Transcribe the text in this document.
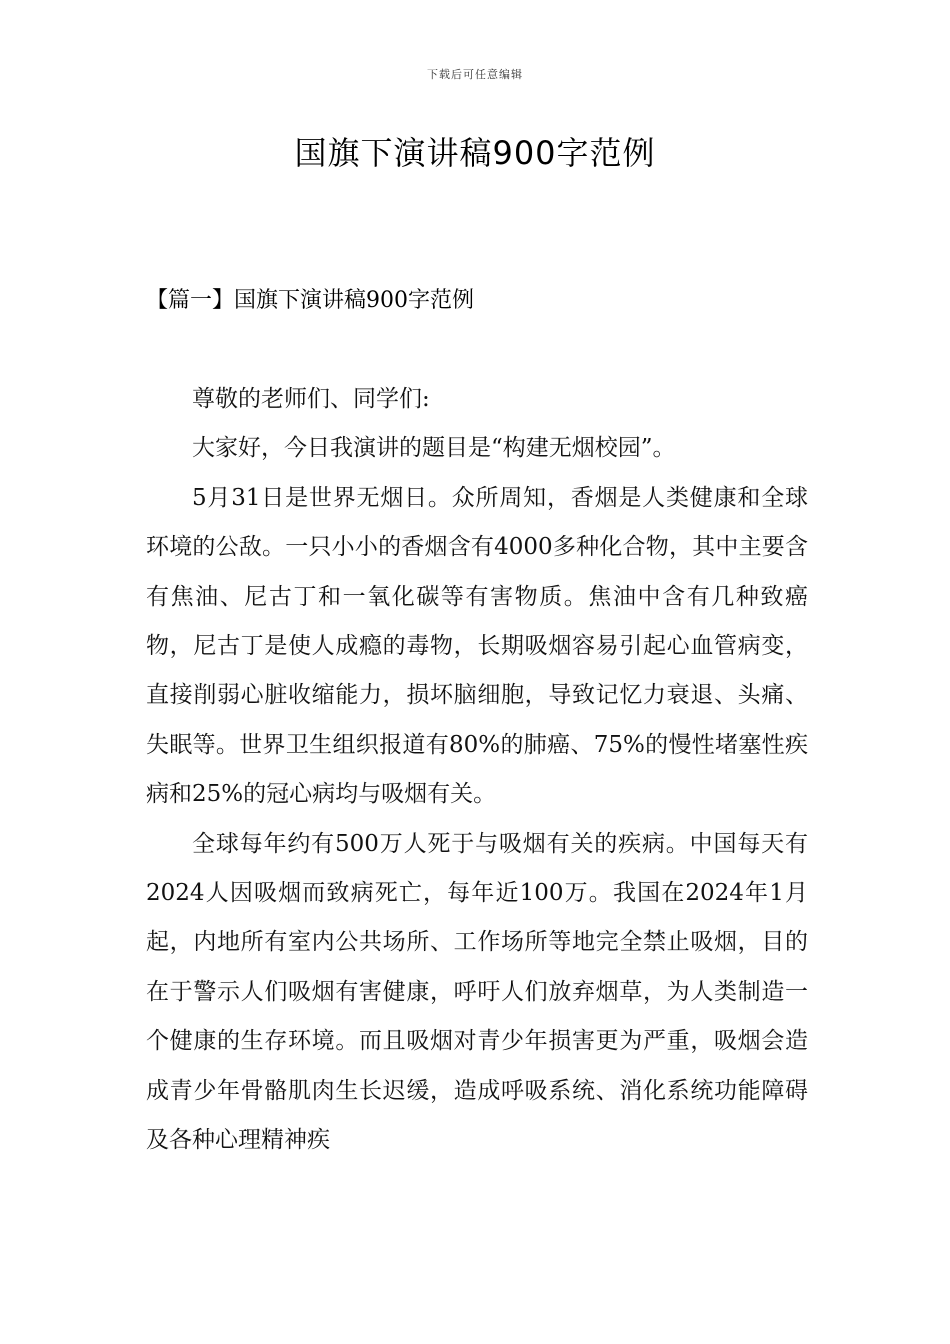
下载后可任意编辑
国旗下演讲稿900字范例
【篇一】国旗下演讲稿900字范例

尊敬的老师们、同学们:

大家好，今日我演讲的题目是“构建无烟校园”。

5月31日是世界无烟日。众所周知，香烟是人类健康和全球环境的公敌。一只小小的香烟含有4000多种化合物，其中主要含有焦油、尼古丁和一氧化碳等有害物质。焦油中含有几种致癌物，尼古丁是使人成瘾的毒物，长期吸烟容易引起心血管病变，直接削弱心脏收缩能力，损坏脑细胞，导致记忆力衰退、头痛、失眠等。世界卫生组织报道有80%的肺癌、75%的慢性堵塞性疾病和25%的冠心病均与吸烟有关。

全球每年约有500万人死于与吸烟有关的疾病。中国每天有2024人因吸烟而致病死亡，每年近100万。我国在2024年1月起，内地所有室内公共场所、工作场所等地完全禁止吸烟，目的在于警示人们吸烟有害健康，呼吁人们放弃烟草，为人类制造一个健康的生存环境。而且吸烟对青少年损害更为严重，吸烟会造成青少年骨骼肌肉生长迟缓，造成呼吸系统、消化系统功能障碍及各种心理精神疾
